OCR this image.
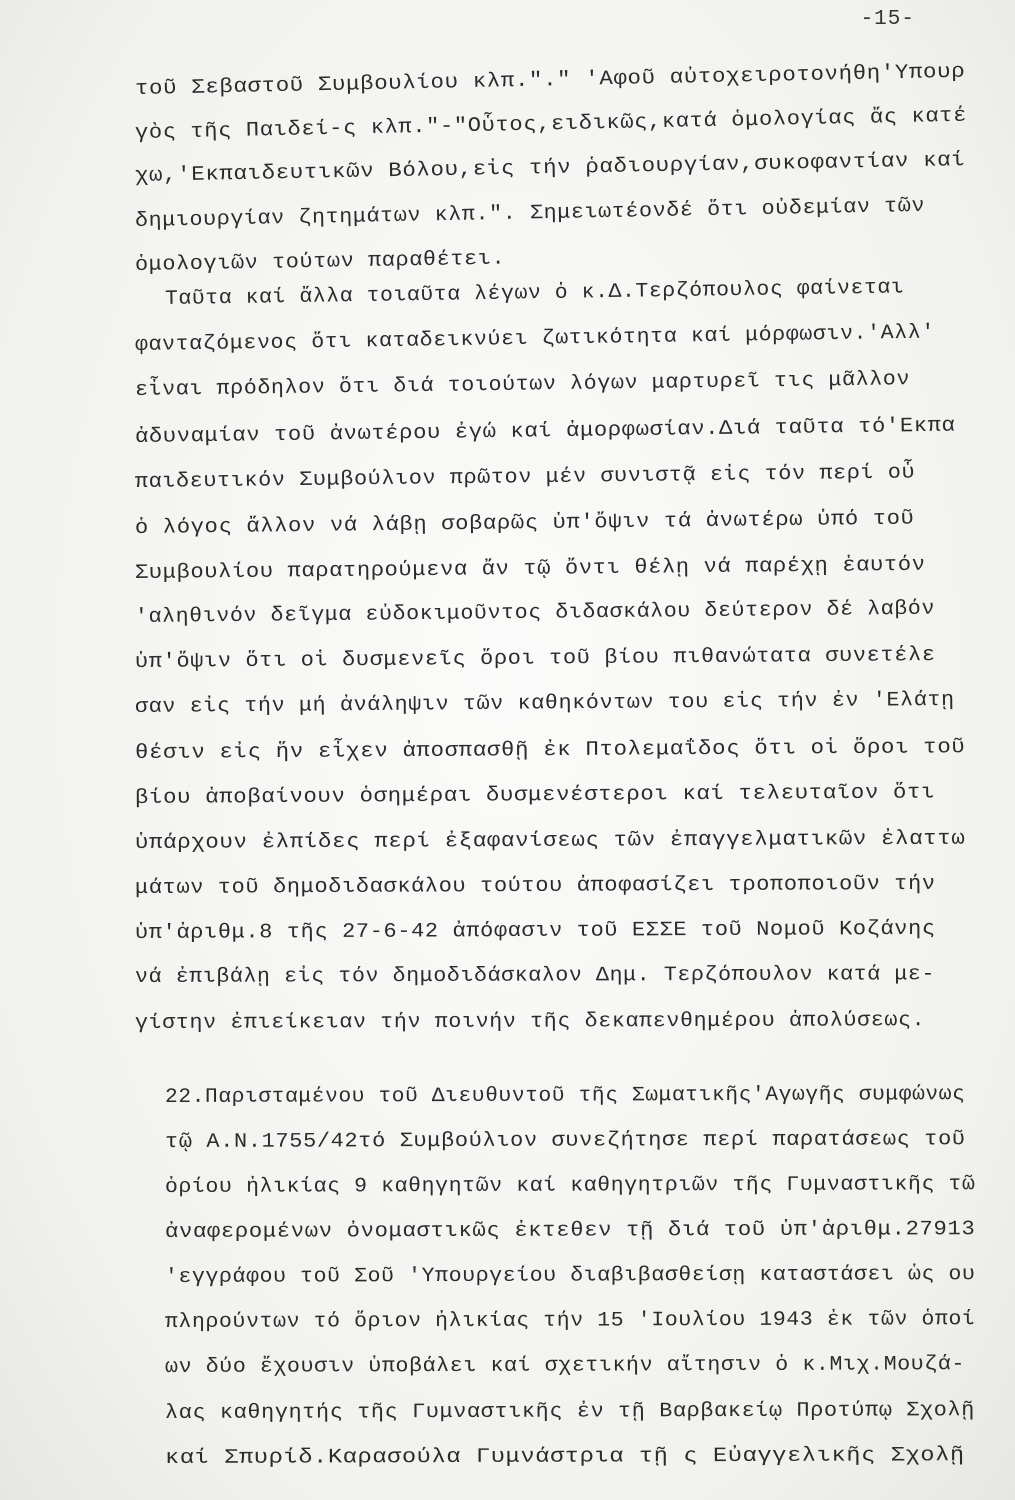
-15-
τοῦ Σεβαστοῦ Συμβουλίου κλπ."." 'Αφοῦ αὐτοχειροτονήθη'Υπουρ
γὸς τῆς Παιδεί-ς κλπ."-"Οὗτος,ειδικῶς,κατά ὁμολογίας ἄς κατέ
χω,'Εκπαιδευτικῶν Βόλου,εἰς τήν ῥαδιουργίαν,συκοφαντίαν καί
δημιουργίαν ζητημάτων κλπ.". Σημειωτέονδέ ὅτι οὐδεμίαν τῶν
ὁμολογιῶν τούτων παραθέτει.
Ταῦτα καί ἄλλα τοιαῦτα λέγων ὁ κ.Δ.Τερζόπουλος φαίνεται
φανταζόμενος ὅτι καταδεικνύει ζωτικότητα καί μόρφωσιν.'Αλλ'
εἶναι πρόδηλον ὅτι διά τοιούτων λόγων μαρτυρεῖ τις μᾶλλον
ἀδυναμίαν τοῦ ἀνωτέρου ἐγώ καί ἀμορφωσίαν.Διά ταῦτα τό'Εκπα
παιδευτικόν Συμβούλιον πρῶτον μέν συνιστᾷ εἰς τόν περί οὗ
ὁ λόγος ἄλλον νά λάβῃ σοβαρῶς ὑπ'ὄψιν τά ἀνωτέρω ὑπό τοῦ
Συμβουλίου παρατηρούμενα ἄν τῷ ὄντι θέλῃ νά παρέχῃ ἑαυτόν
'αληθινόν δεῖγμα εὐδοκιμοῦντος διδασκάλου δεύτερον δέ λαβόν
ὑπ'ὄψιν ὅτι οἱ δυσμενεῖς ὅροι τοῦ βίου πιθανώτατα συνετέλε
σαν εἰς τήν μή ἀνάληψιν τῶν καθηκόντων του εἰς τήν ἐν 'Ελάτῃ
θέσιν εἰς ἥν εἶχεν ἀποσπασθῇ ἐκ Πτολεμαΐδος ὅτι οἱ ὅροι τοῦ
βίου ἀποβαίνουν ὁσημέραι δυσμενέστεροι καί τελευταῖον ὅτι
ὑπάρχουν ἐλπίδες περί ἐξαφανίσεως τῶν ἐπαγγελματικῶν ἐλαττω
μάτων τοῦ δημοδιδασκάλου τούτου ἀποφασίζει τροποποιοῦν τήν
ὑπ'ἀριθμ.8 τῆς 27-6-42 ἀπόφασιν τοῦ ΕΣΣΕ τοῦ Νομοῦ Κοζάνης
νά ἐπιβάλῃ εἰς τόν δημοδιδάσκαλον Δημ. Τερζόπουλον κατά με-
γίστην ἐπιείκειαν τήν ποινήν τῆς δεκαπενθημέρου ἀπολύσεως.
22.Παρισταμένου τοῦ Διευθυντοῦ τῆς Σωματικῆς'Αγωγῆς συμφώνως
τῷ Α.Ν.1755/42τό Συμβούλιον συνεζήτησε περί παρατάσεως τοῦ
ὁρίου ἡλικίας 9 καθηγητῶν καί καθηγητριῶν τῆς Γυμναστικῆς τῶ
ἀναφερομένων ὀνομαστικῶς ἐκτεθεν τῇ διά τοῦ ὑπ'ἀριθμ.27913
'εγγράφου τοῦ Σοῦ 'Υπουργείου διαβιβασθείσῃ καταστάσει ὡς ου
πληρούντων τό ὅριον ἡλικίας τήν 15 'Ιουλίου 1943 ἐκ τῶν ὁποί
ων δύο ἔχουσιν ὑποβάλει καί σχετικήν αἴτησιν ὁ κ.Μιχ.Μουζά-
λας καθηγητής τῆς Γυμναστικῆς ἐν τῇ Βαρβακείῳ Προτύπῳ Σχολῇ
καί Σπυρίδ.Καρασούλα Γυμνάστρια τῇ ς Εὐαγγελικῆς Σχολῇ
